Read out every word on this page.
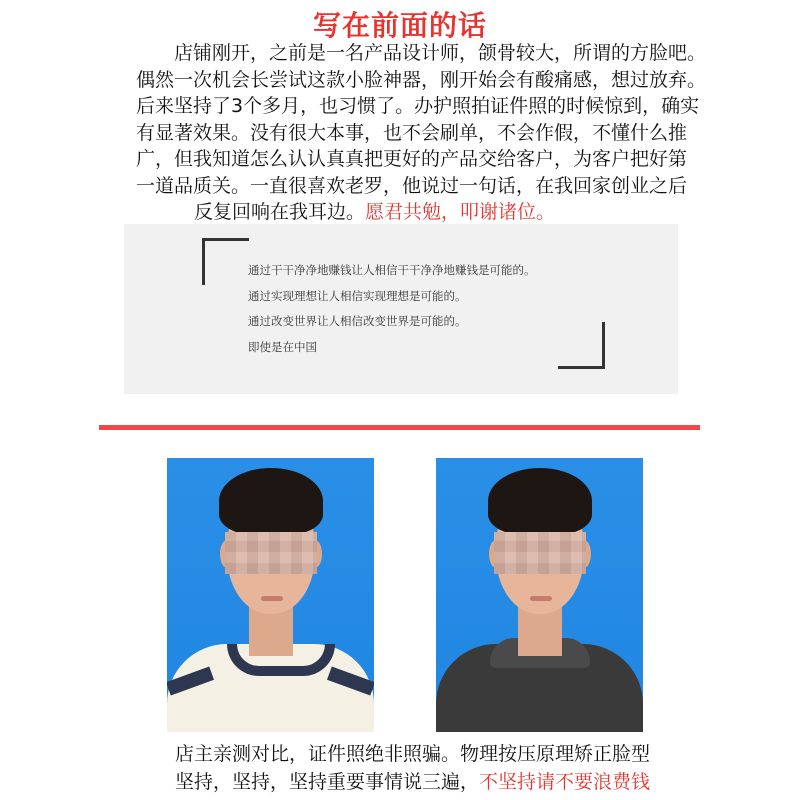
写在前面的话
店铺刚开，之前是一名产品设计师，颌骨较大，所谓的方脸吧。
偶然一次机会长尝试这款小脸神器，刚开始会有酸痛感，想过放弃。
后来坚持了3个多月，也习惯了。办护照拍证件照的时候惊到，确实
有显著效果。没有很大本事，也不会刷单，不会作假，不懂什么推
广，但我知道怎么认认真真把更好的产品交给客户，为客户把好第
一道品质关。一直很喜欢老罗，他说过一句话，在我回家创业之后
反复回响在我耳边。愿君共勉，叩谢诸位。
通过干干净净地赚钱让人相信干干净净地赚钱是可能的。
通过实现理想让人相信实现理想是可能的。
通过改变世界让人相信改变世界是可能的。
即使是在中国
店主亲测对比，证件照绝非照骗。物理按压原理矫正脸型
坚持，坚持，坚持重要事情说三遍，不坚持请不要浪费钱
